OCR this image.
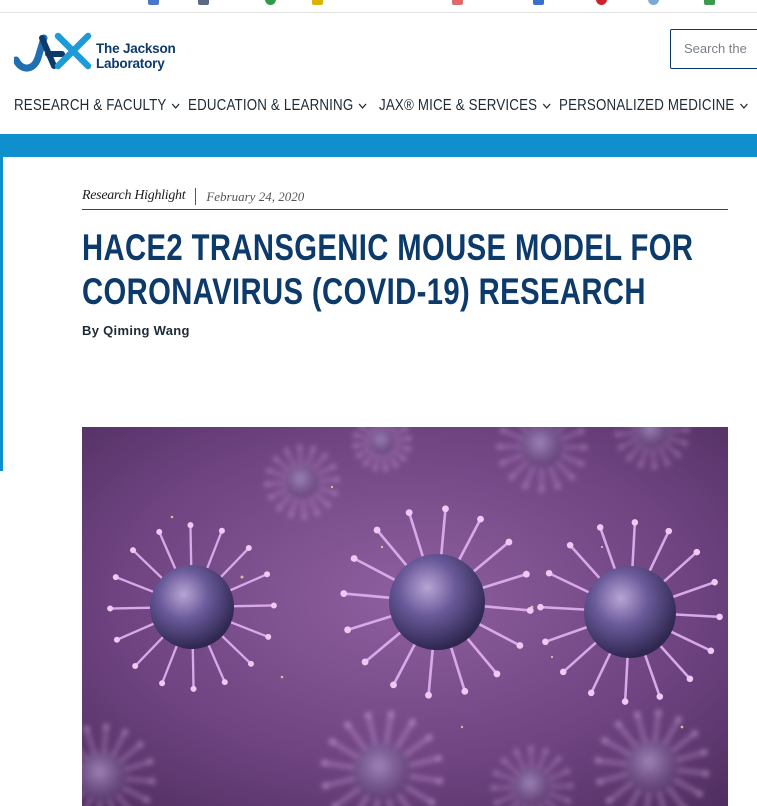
The Jackson
Laboratory
Search the
RESEARCH & FACULTY EDUCATION & LEARNING JAX® MICE & SERVICES PERSONALIZED MEDICINE
Research Highlight February 24, 2020
HACE2 TRANSGENIC MOUSE MODEL FOR
CORONAVIRUS (COVID-19) RESEARCH
By Qiming Wang
